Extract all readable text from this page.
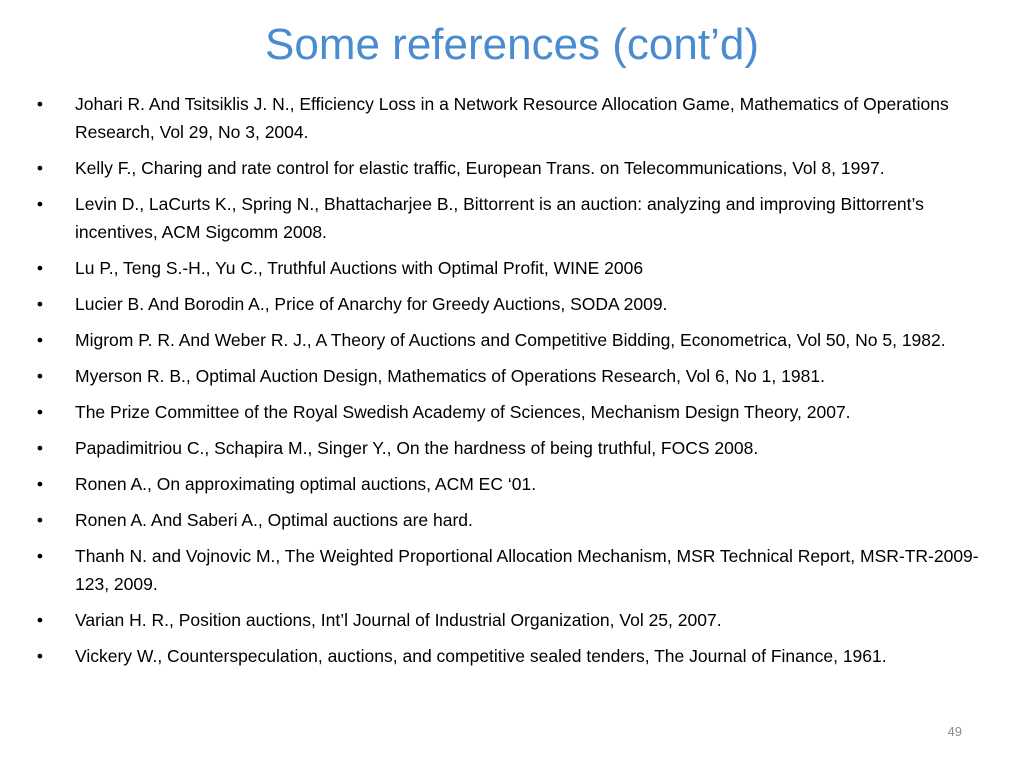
Some references (cont’d)
•	Johari R. And Tsitsiklis J. N., Efficiency Loss in a Network Resource Allocation Game, Mathematics of Operations Research, Vol 29, No 3, 2004.
•	Kelly F., Charing and rate control for elastic traffic, European Trans. on Telecommunications, Vol 8, 1997.
•	Levin D., LaCurts K., Spring N., Bhattacharjee B., Bittorrent is an auction: analyzing and improving Bittorrent’s incentives, ACM Sigcomm 2008.
•	Lu P., Teng S.-H., Yu C., Truthful Auctions with Optimal Profit, WINE 2006
•	Lucier B. And Borodin A., Price of Anarchy for Greedy Auctions, SODA 2009.
•	Migrom P. R. And Weber R. J., A Theory of Auctions and Competitive Bidding, Econometrica, Vol 50, No 5, 1982.
•	Myerson R. B., Optimal Auction Design, Mathematics of Operations Research, Vol 6, No 1, 1981.
•	The Prize Committee of the Royal Swedish Academy of Sciences, Mechanism Design Theory, 2007.
•	Papadimitriou C., Schapira M., Singer Y., On the hardness of being truthful, FOCS 2008.
•	Ronen A., On approximating optimal auctions, ACM EC ‘01.
•	Ronen A. And Saberi A., Optimal auctions are hard.
•	Thanh N. and Vojnovic M., The Weighted Proportional Allocation Mechanism, MSR Technical Report, MSR-TR-2009-123, 2009.
•	Varian H. R., Position auctions, Int’l Journal of Industrial Organization, Vol 25, 2007.
•	Vickery W., Counterspeculation, auctions, and competitive sealed tenders, The Journal of Finance, 1961.
49
